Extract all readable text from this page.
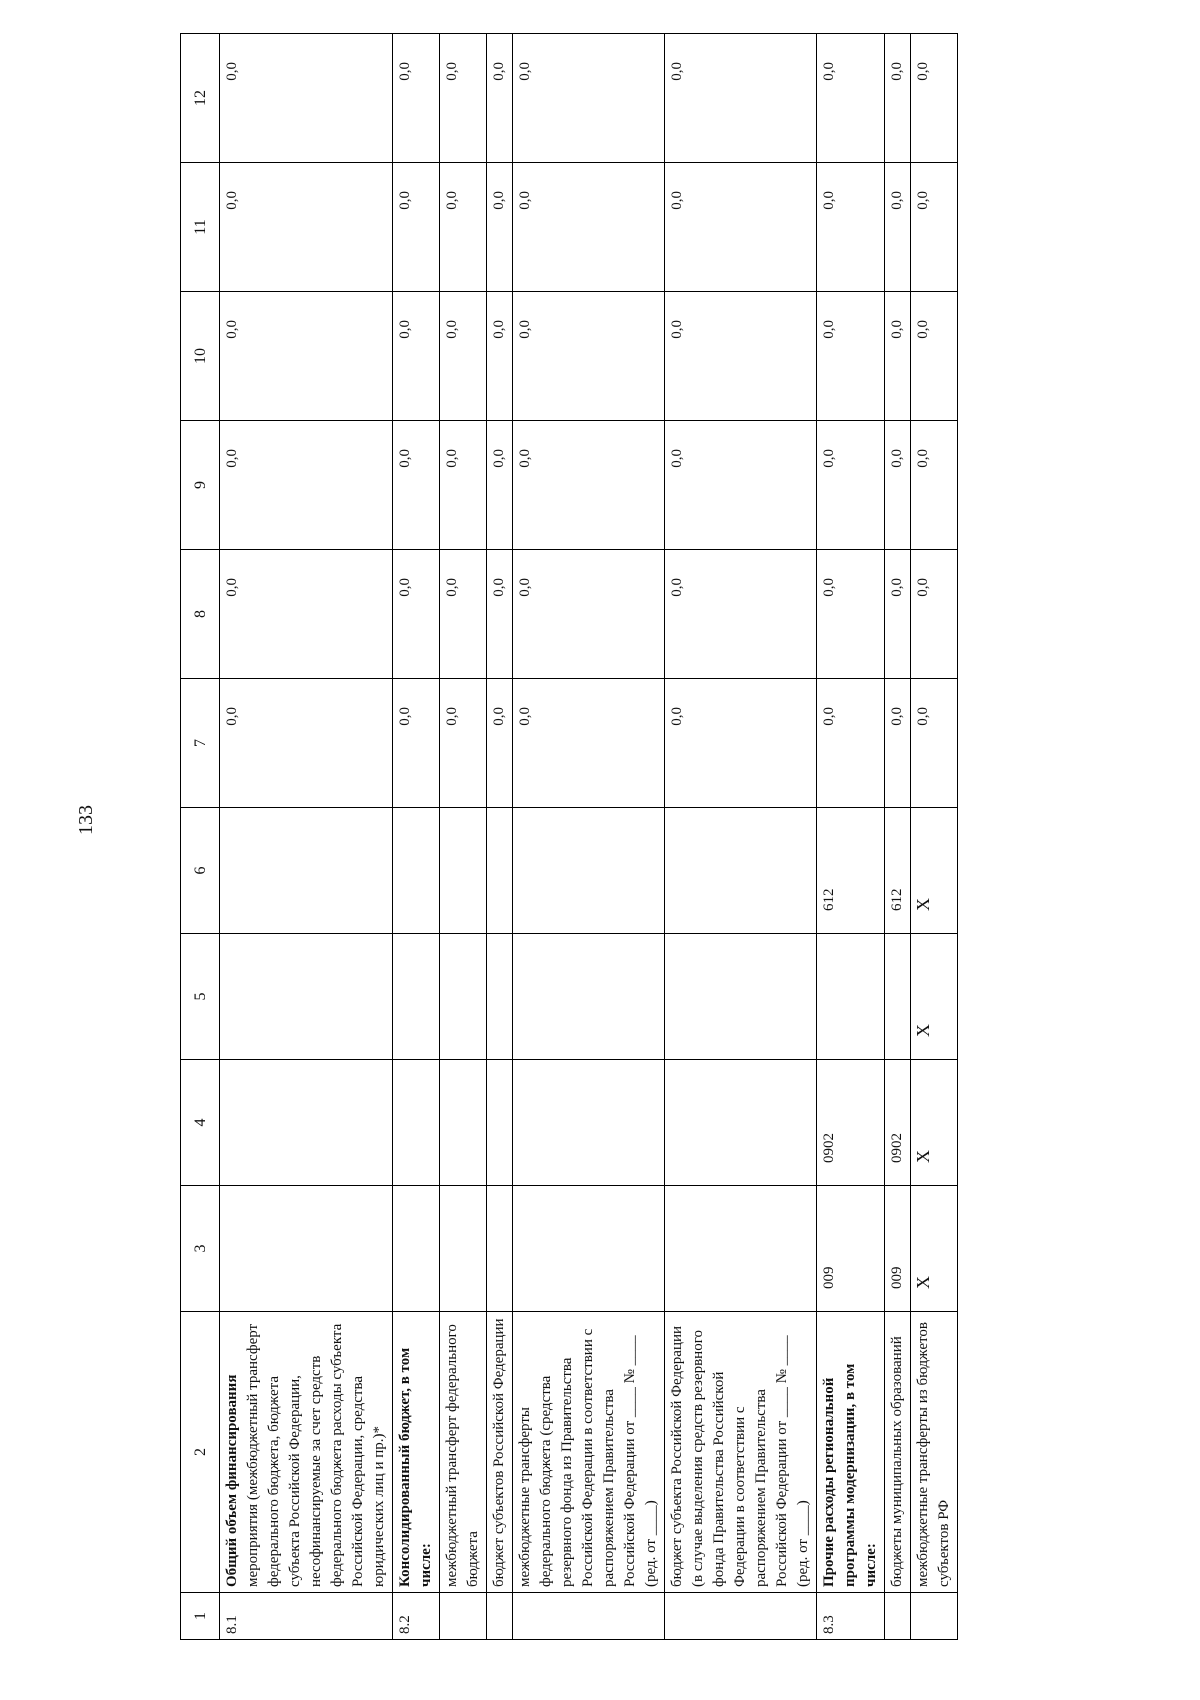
133
1	2	3	4	5	6	7	8	9	10	11	12
8.1	Общий объем финансирования мероприятия (межбюджетный трансферт федерального бюджета, бюджета субъекта Российской Федерации, несофинансируемые за счет средств федерального бюджета расходы субъекта Российской Федерации, средства юридических лиц и пр.)*					0,0	0,0	0,0	0,0	0,0	0,0
8.2	Консолидированный бюджет, в том числе:					0,0	0,0	0,0	0,0	0,0	0,0
	межбюджетный трансферт федерального бюджета					0,0	0,0	0,0	0,0	0,0	0,0
	бюджет субъектов Российской Федерации					0,0	0,0	0,0	0,0	0,0	0,0
	межбюджетные трансферты федерального бюджета (средства резервного фонда из Правительства Российской Федерации в соответствии с распоряжением Правительства Российской Федерации от ____ № ____ (ред. от ____)					0,0	0,0	0,0	0,0	0,0	0,0
	бюджет субъекта Российской Федерации (в случае выделения средств резервного фонда Правительства Российской Федерации в соответствии с распоряжением Правительства Российской Федерации от ____ № ____ (ред. от ____)					0,0	0,0	0,0	0,0	0,0	0,0
8.3	Прочие расходы региональной программы модернизации, в том числе:	009	0902		612	0,0	0,0	0,0	0,0	0,0	0,0
	бюджеты муниципальных образований	009	0902		612	0,0	0,0	0,0	0,0	0,0	0,0
	межбюджетные трансферты из бюджетов субъектов РФ	X	X	X	X	0,0	0,0	0,0	0,0	0,0	0,0
